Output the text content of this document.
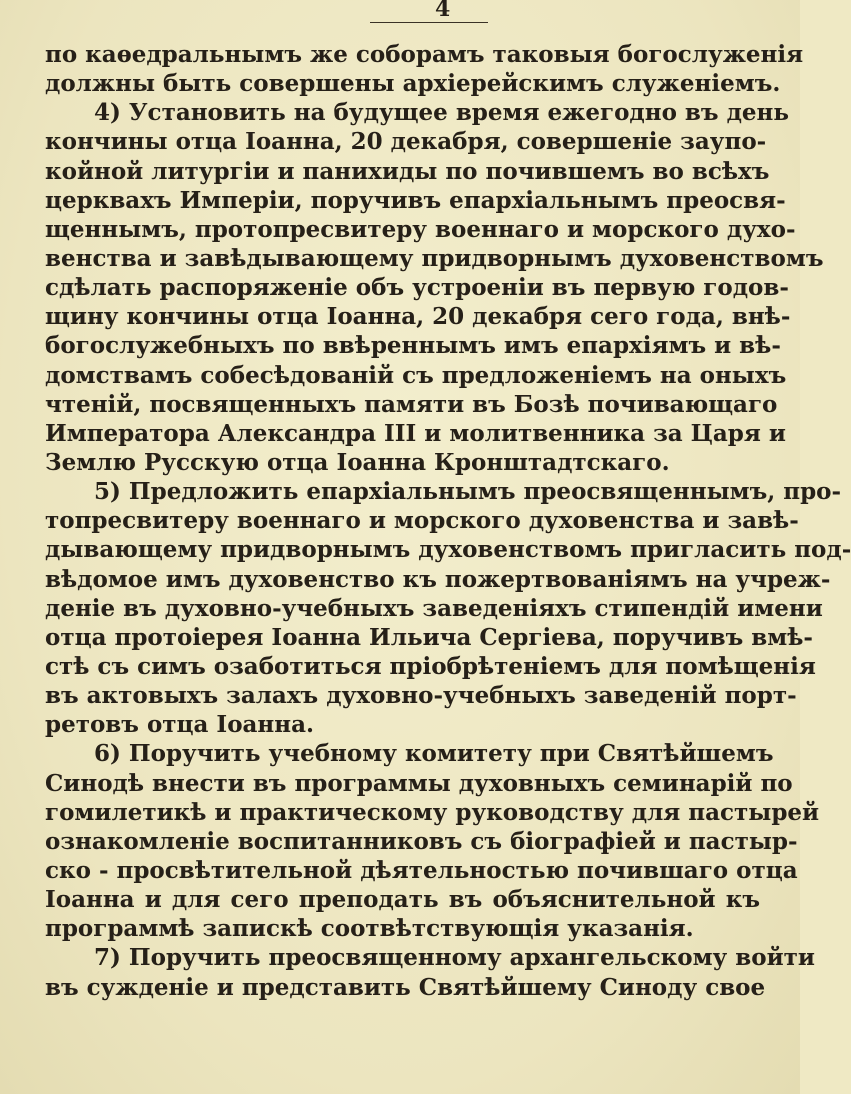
4
по каѳедральнымъ же соборамъ таковыя богослуженія
должны быть совершены архіерейскимъ служеніемъ.
4) Установить на будущее время ежегодно въ день
кончины отца Іоанна, 20 декабря, совершеніе заупо-
койной литургіи и панихиды по почившемъ во всѣхъ
церквахъ Имперіи, поручивъ епархіальнымъ преосвя-
щеннымъ, протопресвитеру военнаго и морского духо-
венства и завѣдывающему придворнымъ духовенствомъ
сдѣлать распоряженіе объ устроеніи въ первую годов-
щину кончины отца Іоанна, 20 декабря сего года, внѣ-
богослужебныхъ по ввѣреннымъ имъ епархіямъ и вѣ-
домствамъ собесѣдованій съ предложеніемъ на оныхъ
чтеній, посвященныхъ памяти въ Бозѣ почивающаго
Императора Александра III и молитвенника за Царя и
Землю Русскую отца Іоанна Кронштадтскаго.
5) Предложить епархіальнымъ преосвященнымъ, про-
топресвитеру военнаго и морского духовенства и завѣ-
дывающему придворнымъ духовенствомъ пригласить под-
вѣдомое имъ духовенство къ пожертвованіямъ на учреж-
деніе въ духовно-учебныхъ заведеніяхъ стипендій имени
отца протоіерея Іоанна Ильича Сергіева, поручивъ вмѣ-
стѣ съ симъ озаботиться пріобрѣтеніемъ для помѣщенія
въ актовыхъ залахъ духовно-учебныхъ заведеній порт-
ретовъ отца Іоанна.
6) Поручить учебному комитету при Святѣйшемъ
Синодѣ внести въ программы духовныхъ семинарій по
гомилетикѣ и практическому руководству для пастырей
ознакомленіе воспитанниковъ съ біографіей и пастыр-
ско - просвѣтительной дѣятельностью почившаго отца
Іоанна и для сего преподать въ объяснительной къ
программѣ запискѣ соотвѣтствующія указанія.
7) Поручить преосвященному архангельскому войти
въ сужденіе и представить Святѣйшему Синоду свое
